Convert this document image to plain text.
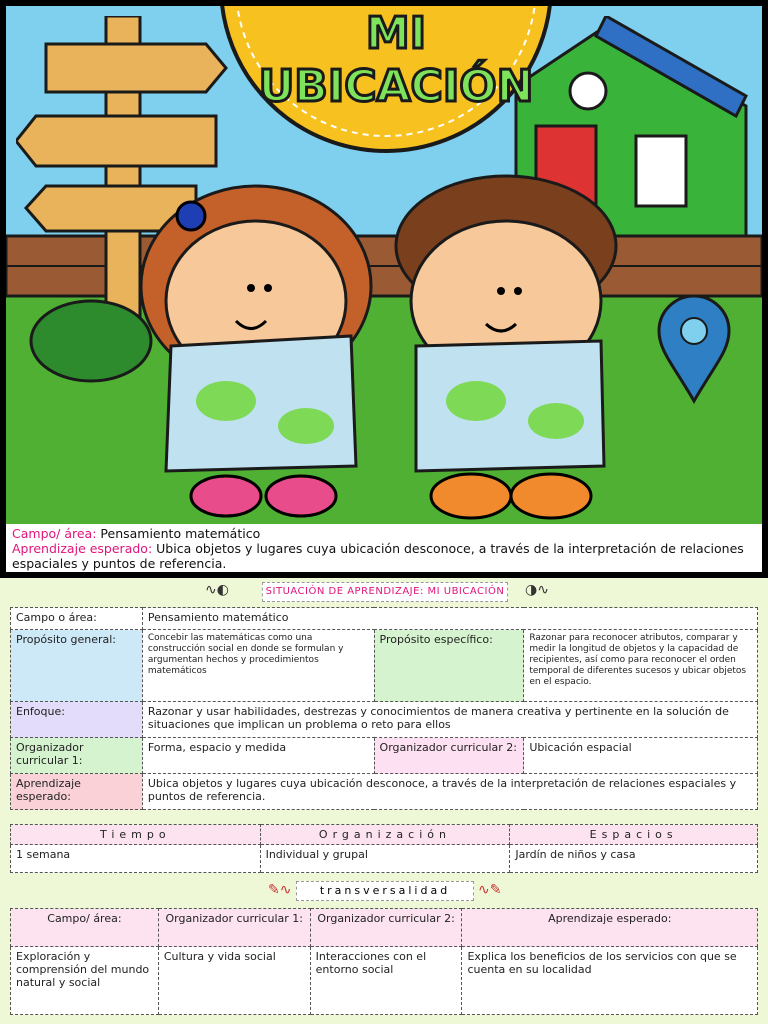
MI
UBICACIÓN
Campo/ área: Pensamiento matemático
Aprendizaje esperado: Ubica objetos y lugares cuya ubicación desconoce, a través de la interpretación de relaciones espaciales y puntos de referencia.
∿◐	SITUACIÓN DE APRENDIZAJE: MI UBICACIÓN ◑∿
Campo o área:	Pensamiento matemático		
Propósito general:	Concebir las matemáticas como una construcción social en donde se formulan y argumentan hechos y procedimientos matemáticos	Propósito específico:	Razonar para reconocer atributos, comparar y medir la longitud de objetos y la capacidad de recipientes, así como para reconocer el orden temporal de diferentes sucesos y ubicar objetos en el espacio.
Enfoque:	Razonar y usar habilidades, destrezas y conocimientos de manera creativa y pertinente en la solución de situaciones que implican un problema o reto para ellos		
Organizador curricular 1:	Forma, espacio y medida	Organizador curricular 2:	Ubicación espacial
Aprendizaje esperado:	Ubica objetos y lugares cuya ubicación desconoce, a través de la interpretación de relaciones espaciales y puntos de referencia.		
Tiempo	Organización	Espacios
1 semana	Individual y grupal	Jardín de niños y casa
✎∿	transversalidad	∿✎
Campo/ área:	Organizador curricular 1:	Organizador curricular 2:	Aprendizaje esperado:
Exploración y comprensión del mundo natural y social	Cultura y vida social	Interacciones con el entorno social	Explica los beneficios de los servicios con que se cuenta en su localidad
